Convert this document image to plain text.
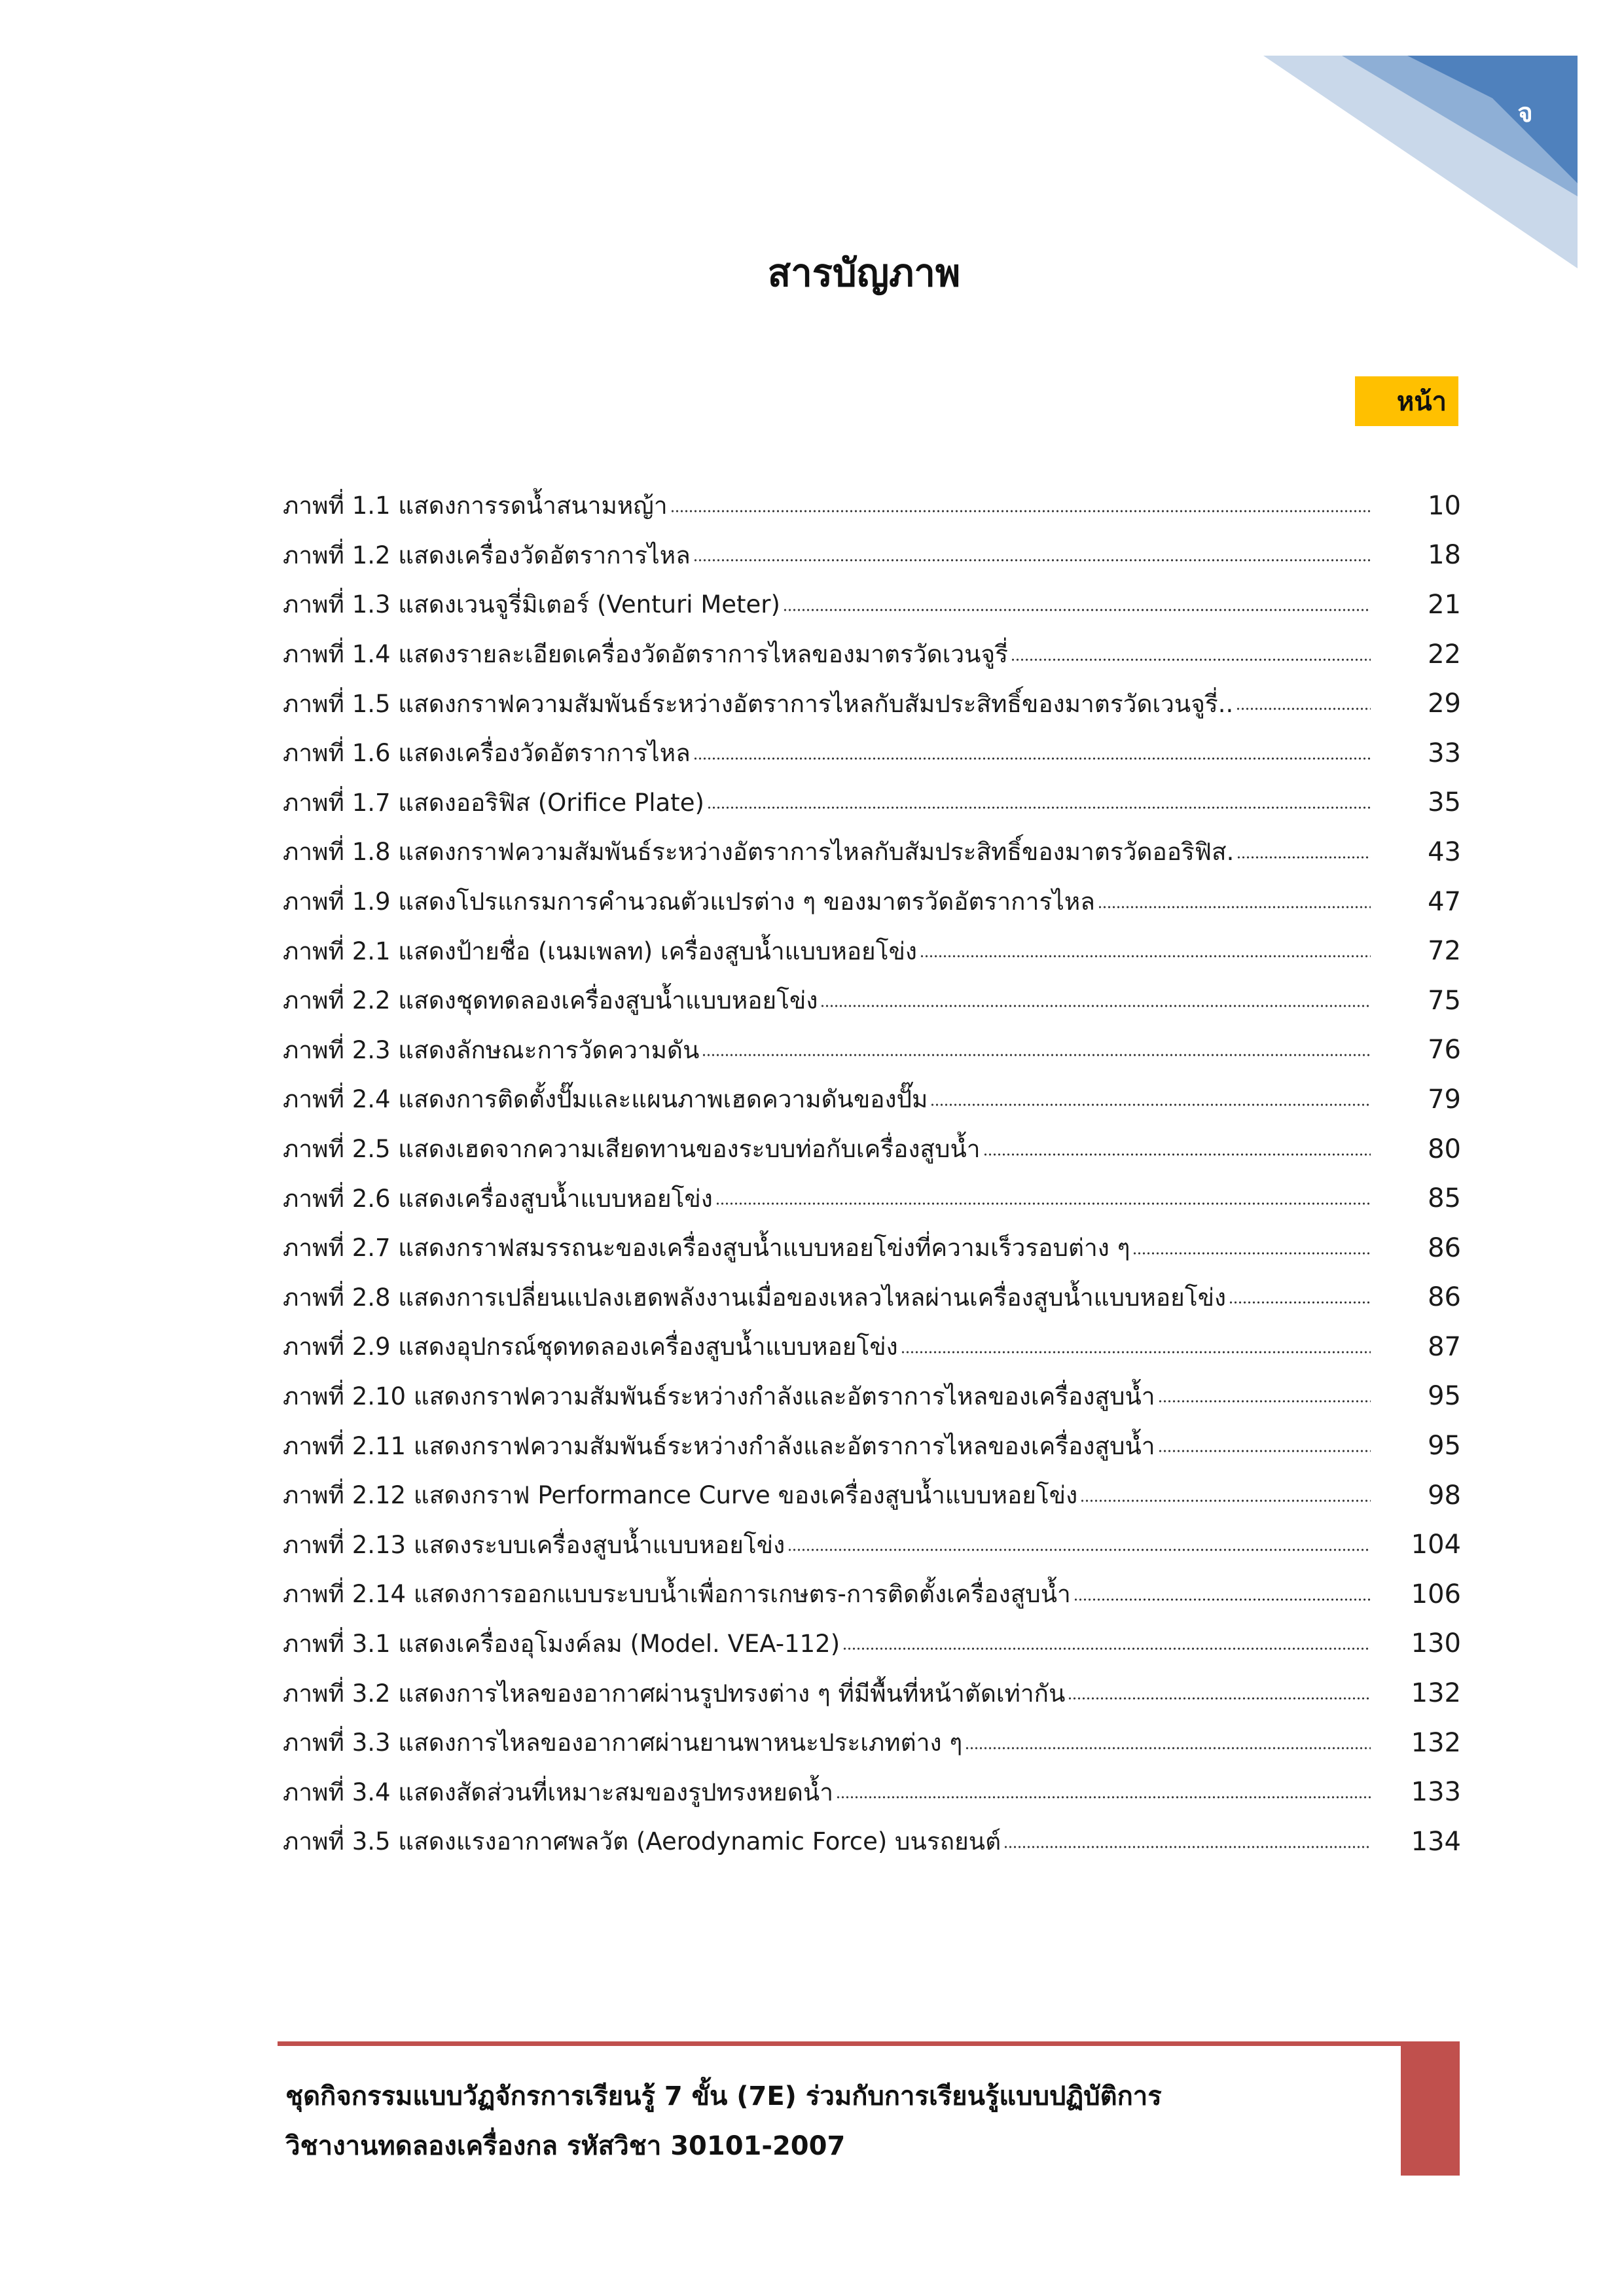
จ
สารบัญภาพ
หน้า
ภาพที่ 1.1 แสดงการรดน้ำสนามหญ้า	10
ภาพที่ 1.2 แสดงเครื่องวัดอัตราการไหล	18
ภาพที่ 1.3 แสดงเวนจูรี่มิเตอร์ (Venturi Meter)	21
ภาพที่ 1.4 แสดงรายละเอียดเครื่องวัดอัตราการไหลของมาตรวัดเวนจูรี่	22
ภาพที่ 1.5 แสดงกราฟความสัมพันธ์ระหว่างอัตราการไหลกับสัมประสิทธิ์ของมาตรวัดเวนจูรี่..	29
ภาพที่ 1.6 แสดงเครื่องวัดอัตราการไหล	33
ภาพที่ 1.7 แสดงออริฟิส (Orifice Plate)	35
ภาพที่ 1.8 แสดงกราฟความสัมพันธ์ระหว่างอัตราการไหลกับสัมประสิทธิ์ของมาตรวัดออริฟิส.	43
ภาพที่ 1.9 แสดงโปรแกรมการคำนวณตัวแปรต่าง ๆ ของมาตรวัดอัตราการไหล	47
ภาพที่ 2.1 แสดงป้ายชื่อ (เนมเพลท) เครื่องสูบน้ำแบบหอยโข่ง	72
ภาพที่ 2.2 แสดงชุดทดลองเครื่องสูบน้ำแบบหอยโข่ง	75
ภาพที่ 2.3 แสดงลักษณะการวัดความดัน	76
ภาพที่ 2.4 แสดงการติดตั้งปั๊มและแผนภาพเฮดความดันของปั๊ม	79
ภาพที่ 2.5 แสดงเฮดจากความเสียดทานของระบบท่อกับเครื่องสูบน้ำ	80
ภาพที่ 2.6 แสดงเครื่องสูบน้ำแบบหอยโข่ง	85
ภาพที่ 2.7 แสดงกราฟสมรรถนะของเครื่องสูบน้ำแบบหอยโข่งที่ความเร็วรอบต่าง ๆ	86
ภาพที่ 2.8 แสดงการเปลี่ยนแปลงเฮดพลังงานเมื่อของเหลวไหลผ่านเครื่องสูบน้ำแบบหอยโข่ง	86
ภาพที่ 2.9 แสดงอุปกรณ์ชุดทดลองเครื่องสูบน้ำแบบหอยโข่ง	87
ภาพที่ 2.10 แสดงกราฟความสัมพันธ์ระหว่างกำลังและอัตราการไหลของเครื่องสูบน้ำ	95
ภาพที่ 2.11 แสดงกราฟความสัมพันธ์ระหว่างกำลังและอัตราการไหลของเครื่องสูบน้ำ	95
ภาพที่ 2.12 แสดงกราฟ Performance Curve ของเครื่องสูบน้ำแบบหอยโข่ง	98
ภาพที่ 2.13 แสดงระบบเครื่องสูบน้ำแบบหอยโข่ง	104
ภาพที่ 2.14 แสดงการออกแบบระบบน้ำเพื่อการเกษตร-การติดตั้งเครื่องสูบน้ำ	106
ภาพที่ 3.1 แสดงเครื่องอุโมงค์ลม (Model. VEA-112)	130
ภาพที่ 3.2 แสดงการไหลของอากาศผ่านรูปทรงต่าง ๆ ที่มีพื้นที่หน้าตัดเท่ากัน	132
ภาพที่ 3.3 แสดงการไหลของอากาศผ่านยานพาหนะประเภทต่าง ๆ	132
ภาพที่ 3.4 แสดงสัดส่วนที่เหมาะสมของรูปทรงหยดน้ำ	133
ภาพที่ 3.5 แสดงแรงอากาศพลวัต (Aerodynamic Force) บนรถยนต์	134
ชุดกิจกรรมแบบวัฏจักรการเรียนรู้ 7 ขั้น (7E) ร่วมกับการเรียนรู้แบบปฏิบัติการ
วิชางานทดลองเครื่องกล รหัสวิชา 30101-2007
